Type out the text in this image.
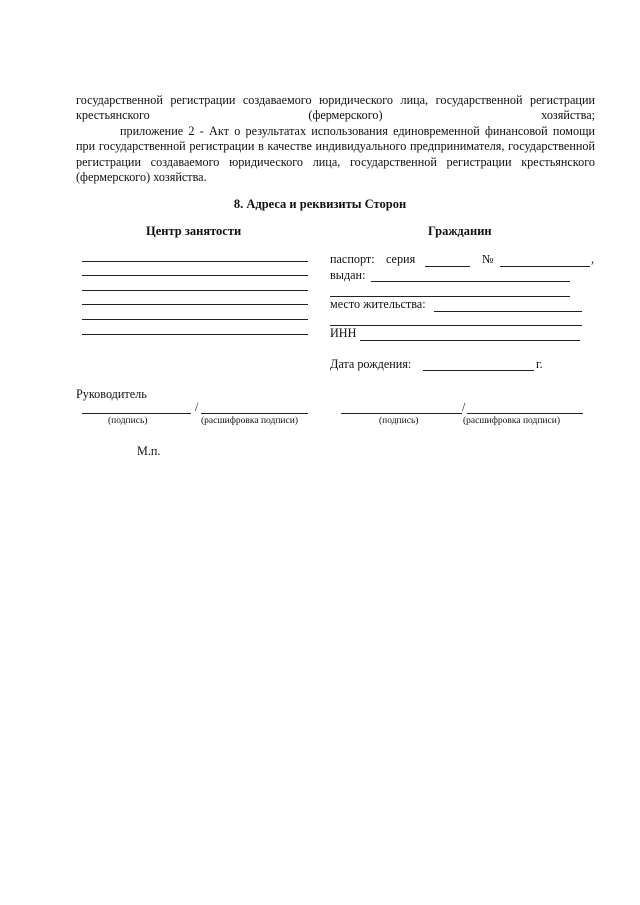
государственной регистрации создаваемого юридического лица, государственной регистрации крестьянского (фермерского) хозяйства;
приложение 2 - Акт о результатах использования единовременной финансовой помощи при государственной регистрации в качестве индивидуального предпринимателя, государственной регистрации создаваемого юридического лица, государственной регистрации крестьянского (фермерского) хозяйства.
8. Адреса и реквизиты Сторон
Центр занятости	Гражданин
паспорт: серия	№	,
выдан:
место жительства:
ИНН
Дата рождения:	г.
Руководитель
/
(подпись)	(расшифровка подписи)
/
(подпись)	(расшифровка подписи)
М.п.
